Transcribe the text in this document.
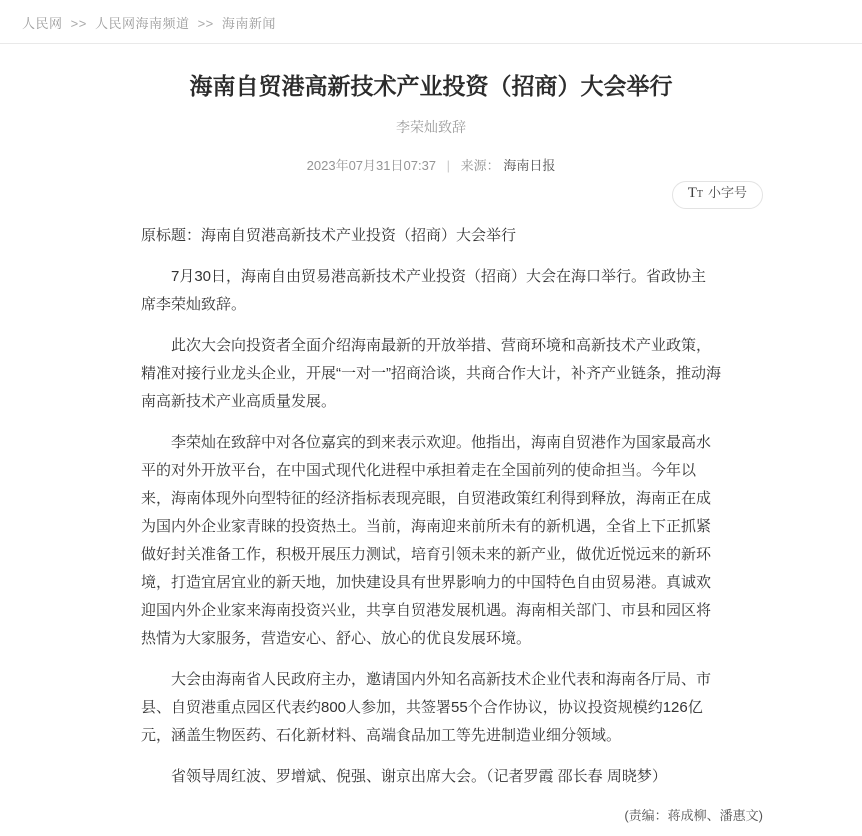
人民网 >> 人民网海南频道 >> 海南新闻
海南自贸港高新技术产业投资（招商）大会举行
李荣灿致辞
2023年07月31日07:37 | 来源： 海南日报
T T 小字号

原标题：海南自贸港高新技术产业投资（招商）大会举行

7月30日，海南自由贸易港高新技术产业投资（招商）大会在海口举行。省政协主席李荣灿致辞。

此次大会向投资者全面介绍海南最新的开放举措、营商环境和高新技术产业政策，精准对接行业龙头企业，开展“一对一”招商洽谈，共商合作大计，补齐产业链条，推动海南高新技术产业高质量发展。

李荣灿在致辞中对各位嘉宾的到来表示欢迎。他指出，海南自贸港作为国家最高水平的对外开放平台，在中国式现代化进程中承担着走在全国前列的使命担当。今年以来，海南体现外向型特征的经济指标表现亮眼，自贸港政策红利得到释放，海南正在成为国内外企业家青睐的投资热土。当前，海南迎来前所未有的新机遇，全省上下正抓紧做好封关准备工作，积极开展压力测试，培育引领未来的新产业，做优近悦远来的新环境，打造宜居宜业的新天地，加快建设具有世界影响力的中国特色自由贸易港。真诚欢迎国内外企业家来海南投资兴业，共享自贸港发展机遇。海南相关部门、市县和园区将热情为大家服务，营造安心、舒心、放心的优良发展环境。

大会由海南省人民政府主办，邀请国内外知名高新技术企业代表和海南各厅局、市县、自贸港重点园区代表约800人参加，共签署55个合作协议，协议投资规模约126亿元，涵盖生物医药、石化新材料、高端食品加工等先进制造业细分领域。

省领导周红波、罗增斌、倪强、谢京出席大会。（记者罗霞 邵长春 周晓梦）

(责编：蒋成柳、潘惠文)
